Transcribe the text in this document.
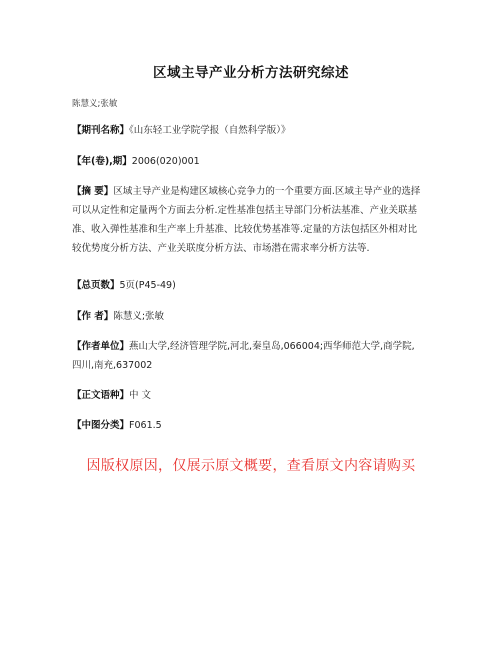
区域主导产业分析方法研究综述
陈慧义;张敏
【期刊名称】《山东轻工业学院学报（自然科学版）》
【年(卷),期】2006(020)001
【摘 要】区域主导产业是构建区域核心竞争力的一个重要方面.区域主导产业的选择可以从定性和定量两个方面去分析.定性基准包括主导部门分析法基准、产业关联基准、收入弹性基准和生产率上升基准、比较优势基准等.定量的方法包括区外相对比较优势度分析方法、产业关联度分析方法、市场潜在需求率分析方法等.
【总页数】5页(P45-49)
【作 者】陈慧义;张敏
【作者单位】燕山大学,经济管理学院,河北,秦皇岛,066004;西华师范大学,商学院,四川,南充,637002
【正文语种】中 文
【中图分类】F061.5
因版权原因，仅展示原文概要，查看原文内容请购买
